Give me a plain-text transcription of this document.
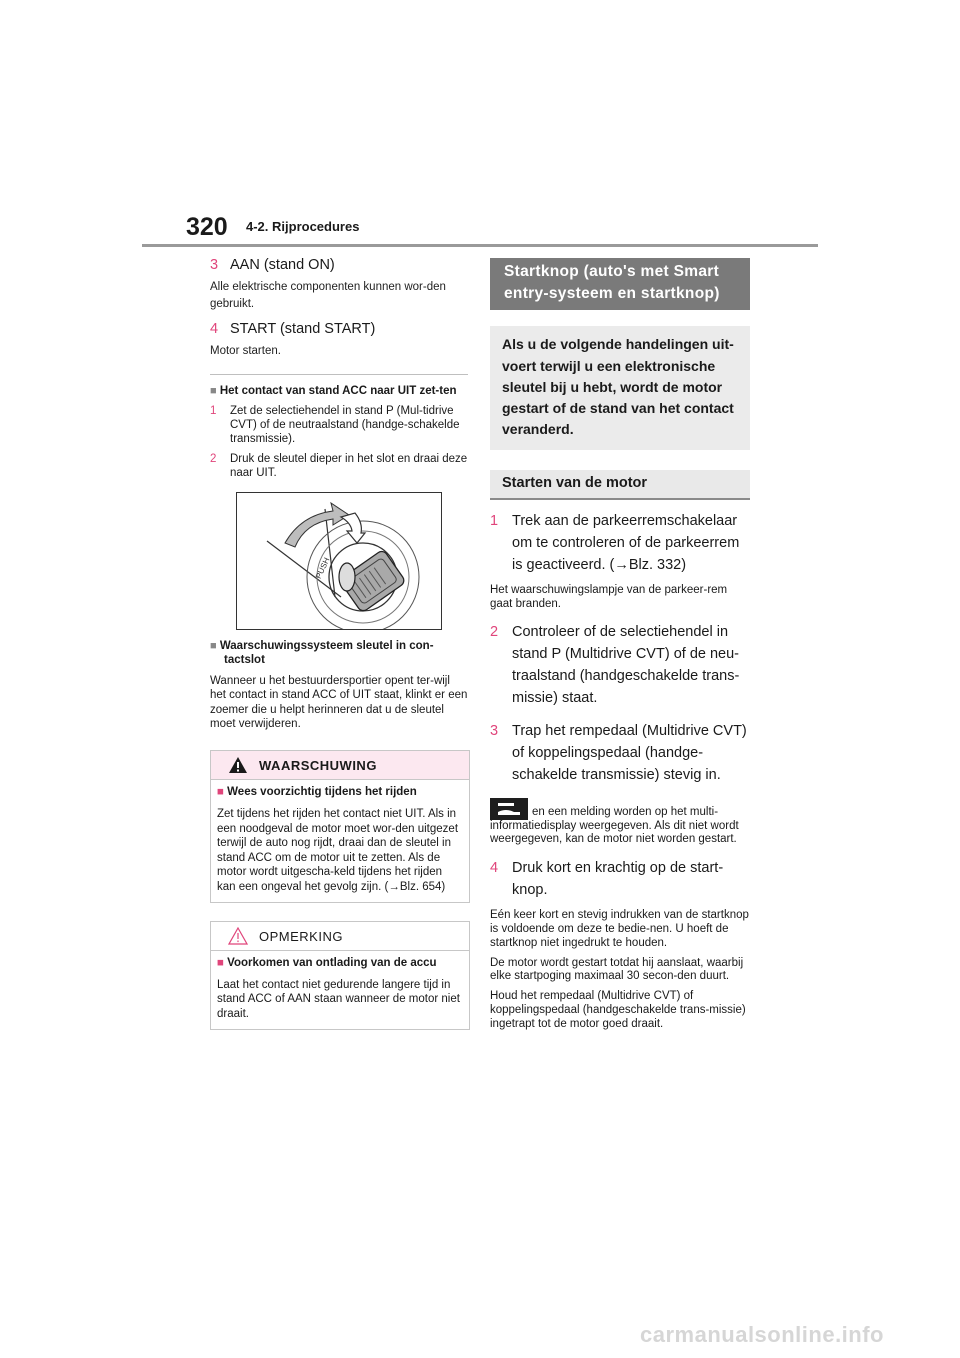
320 4-2. Rijprocedures

3 AAN (stand ON)

Alle elektrische componenten kunnen wor-den gebruikt.

4 START (stand START)

Motor starten.

■ Het contact van stand ACC naar UIT zet-ten

1 Zet de selectiehendel in stand P (Mul-tidrive CVT) of de neutraalstand (handge-schakelde transmissie).

2 Druk de sleutel dieper in het slot en draai deze naar UIT.

PUSH

■ Waarschuwingssysteem sleutel in con-tactslot

Wanneer u het bestuurdersportier opent ter-wijl het contact in stand ACC of UIT staat, klinkt er een zoemer die u helpt herinneren dat u de sleutel moet verwijderen.

WAARSCHUWING

■ Wees voorzichtig tijdens het rijden

Zet tijdens het rijden het contact niet UIT. Als in een noodgeval de motor moet wor-den uitgezet terwijl de auto nog rijdt, draai dan de sleutel in stand ACC om de motor uit te zetten. Als de motor wordt uitgescha-keld tijdens het rijden kan een ongeval het gevolg zijn. (→Blz. 654)

OPMERKING

■ Voorkomen van ontlading van de accu

Laat het contact niet gedurende langere tijd in stand ACC of AAN staan wanneer de motor niet draait.

Startknop (auto's met Smart entry-systeem en startknop)
Als u de volgende handelingen uit-voert terwijl u een elektronische sleutel bij u hebt, wordt de motor gestart of de stand van het contact veranderd.
Starten van de motor

1 Trek aan de parkeerremschakelaar om te controleren of de parkeerrem is geactiveerd. (→Blz. 332)

Het waarschuwingslampje van de parkeer-rem gaat branden.

2 Controleer of de selectiehendel in stand P (Multidrive CVT) of de neu-traalstand (handgeschakelde trans-missie) staat.

3 Trap het rempedaal (Multidrive CVT) of koppelingspedaal (handge-schakelde transmissie) stevig in.

en een melding worden op het multi-informatiedisplay weergegeven. Als dit niet wordt weergegeven, kan de motor niet worden gestart.

4 Druk kort en krachtig op de start-knop.

Eén keer kort en stevig indrukken van de startknop is voldoende om deze te bedie-nen. U hoeft de startknop niet ingedrukt te houden.

De motor wordt gestart totdat hij aanslaat, waarbij elke startpoging maximaal 30 secon-den duurt.

Houd het rempedaal (Multidrive CVT) of koppelingspedaal (handgeschakelde trans-missie) ingetrapt tot de motor goed draait.

carmanualsonline.info
